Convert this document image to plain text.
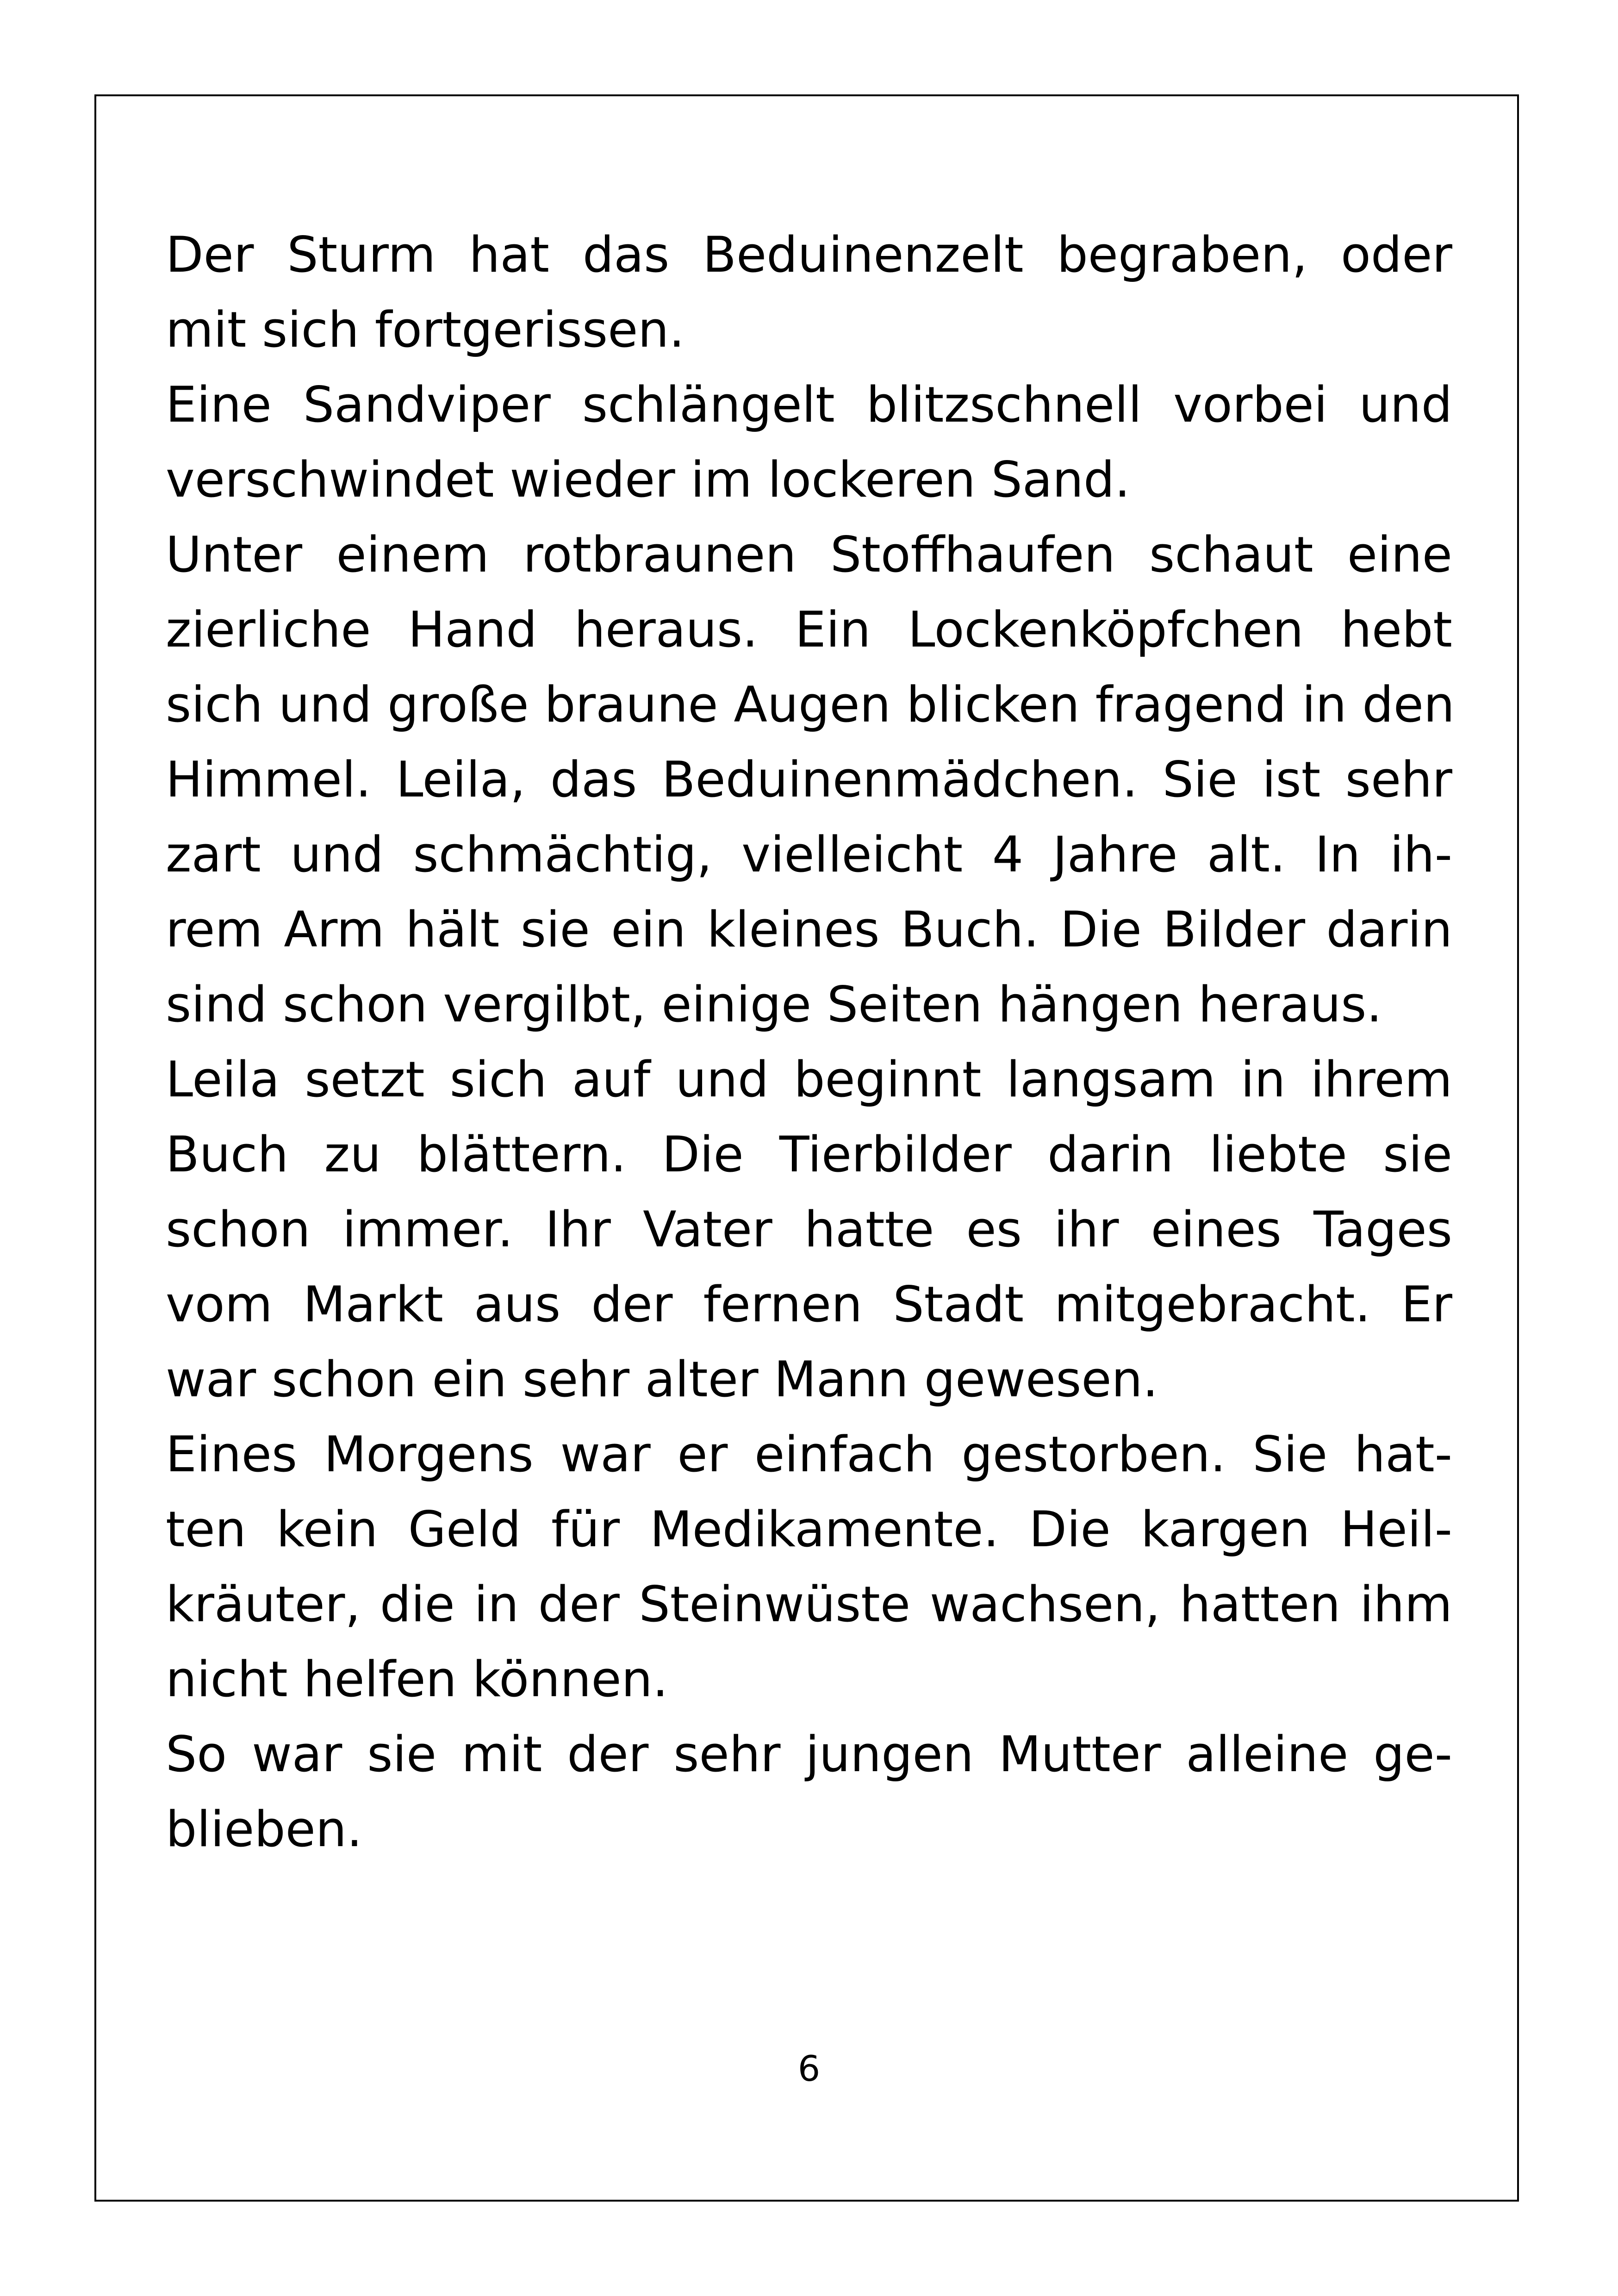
Der Sturm hat das Beduinenzelt begraben, oder
mit sich fortgerissen.
Eine Sandviper schlängelt blitzschnell vorbei und
verschwindet wieder im lockeren Sand.
Unter einem rotbraunen Stoffhaufen schaut eine
zierliche Hand heraus. Ein Lockenköpfchen hebt
sich und große braune Augen blicken fragend in den
Himmel. Leila, das Beduinenmädchen. Sie ist sehr
zart und schmächtig, vielleicht 4 Jahre alt. In ih-
rem Arm hält sie ein kleines Buch. Die Bilder darin
sind schon vergilbt, einige Seiten hängen heraus.
Leila setzt sich auf und beginnt langsam in ihrem
Buch zu blättern. Die Tierbilder darin liebte sie
schon immer. Ihr Vater hatte es ihr eines Tages
vom Markt aus der fernen Stadt mitgebracht. Er
war schon ein sehr alter Mann gewesen.
Eines Morgens war er einfach gestorben. Sie hat-
ten kein Geld für Medikamente. Die kargen Heil-
kräuter, die in der Steinwüste wachsen, hatten ihm
nicht helfen können.
So war sie mit der sehr jungen Mutter alleine ge-
blieben.
6
